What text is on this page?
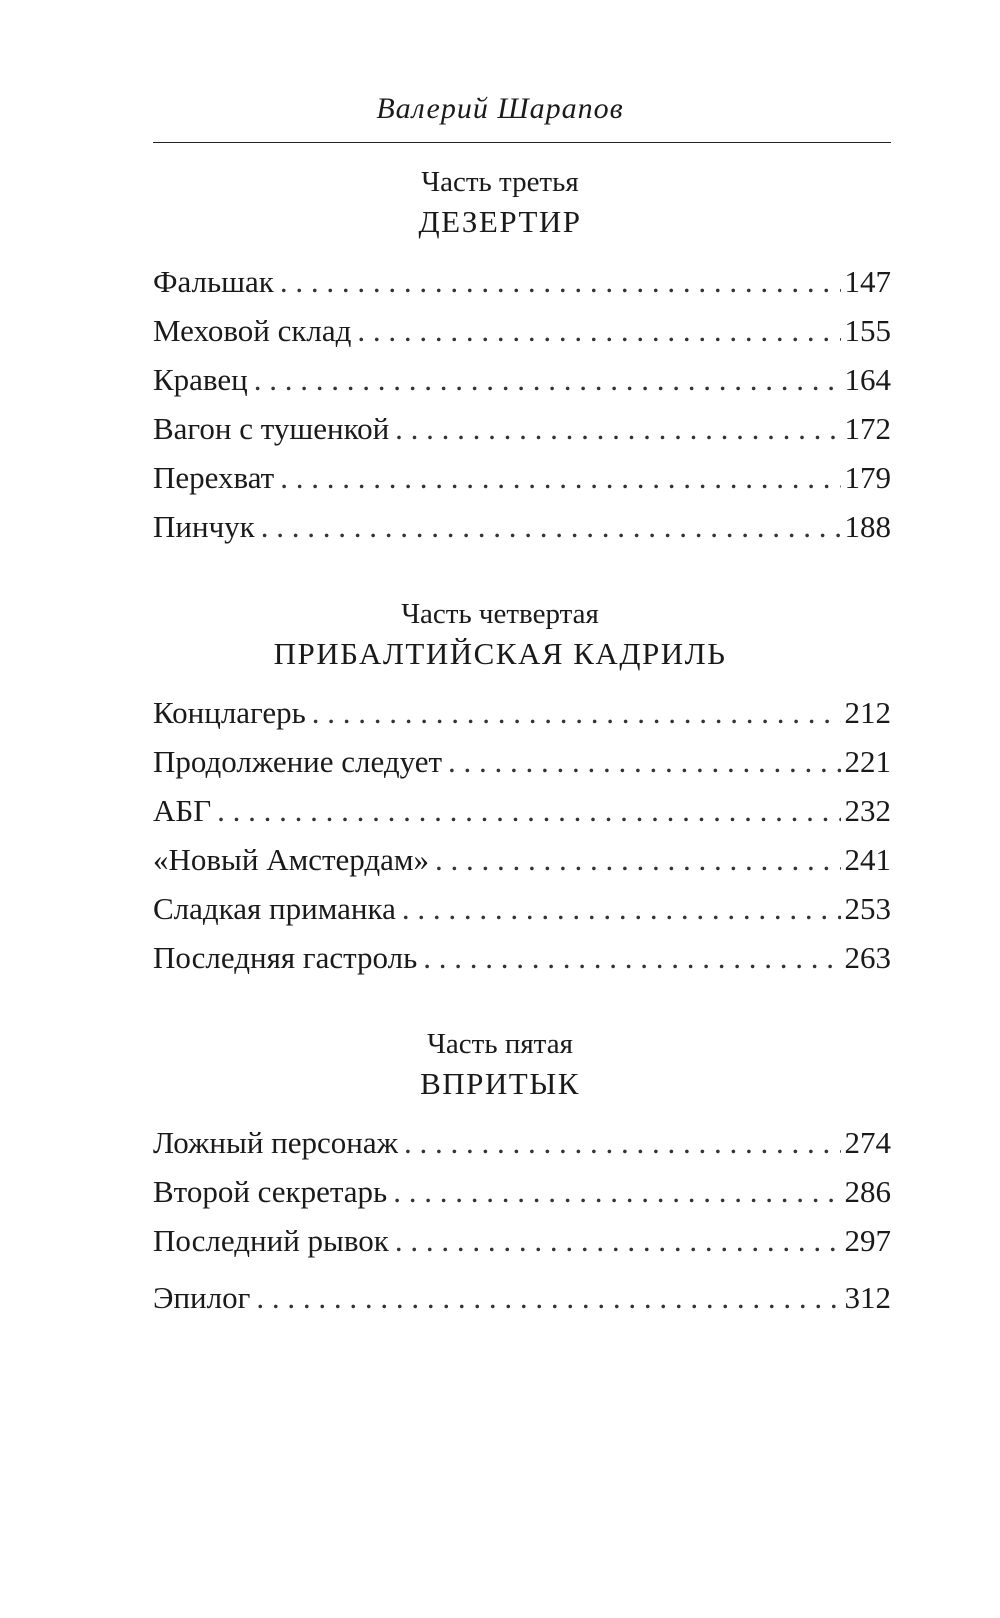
Валерий Шарапов
Часть третья
ДЕЗЕРТИР
Фальшак . . .	147
Меховой склад . . .	155
Кравец . . .	164
Вагон с тушенкой . . .	172
Перехват . . .	179
Пинчук . . .	188
Часть четвертая
ПРИБАЛТИЙСКАЯ КАДРИЛЬ
Концлагерь . . .	212
Продолжение следует . . .	221
АБГ . . .	232
«Новый Амстердам» . . .	241
Сладкая приманка . . .	253
Последняя гастроль . . .	263
Часть пятая
ВПРИТЫК
Ложный персонаж . . .	274
Второй секретарь . . .	286
Последний рывок . . .	297
Эпилог . . .	312
